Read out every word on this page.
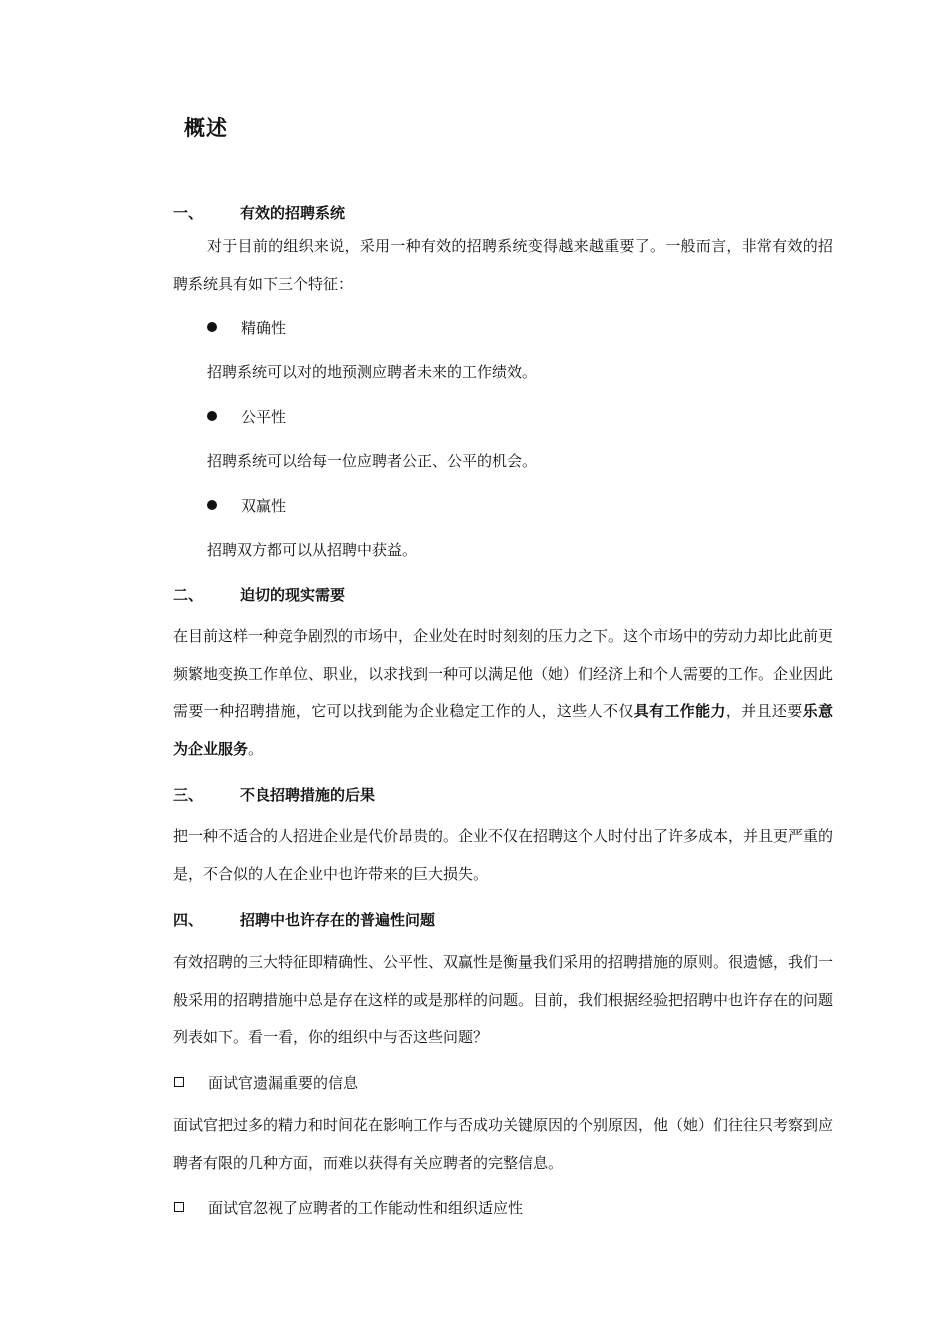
概述
一、	有效的招聘系统
对于目前的组织来说，采用一种有效的招聘系统变得越来越重要了。一般而言，非常有效的招聘系统具有如下三个特征：
精确性
招聘系统可以对的地预测应聘者未来的工作绩效。
公平性
招聘系统可以给每一位应聘者公正、公平的机会。
双赢性
招聘双方都可以从招聘中获益。
二、	迫切的现实需要
在目前这样一种竞争剧烈的市场中，企业处在时时刻刻的压力之下。这个市场中的劳动力却比此前更频繁地变换工作单位、职业，以求找到一种可以满足他（她）们经济上和个人需要的工作。企业因此需要一种招聘措施，它可以找到能为企业稳定工作的人，这些人不仅具有工作能力，并且还要乐意为企业服务。
三、	不良招聘措施的后果
把一种不适合的人招进企业是代价昂贵的。企业不仅在招聘这个人时付出了许多成本，并且更严重的是，不合似的人在企业中也许带来的巨大损失。
四、	招聘中也许存在的普遍性问题
有效招聘的三大特征即精确性、公平性、双赢性是衡量我们采用的招聘措施的原则。很遗憾，我们一般采用的招聘措施中总是存在这样的或是那样的问题。目前，我们根据经验把招聘中也许存在的问题列表如下。看一看，你的组织中与否这些问题？
面试官遗漏重要的信息
面试官把过多的精力和时间花在影响工作与否成功关键原因的个别原因，他（她）们往往只考察到应聘者有限的几种方面，而难以获得有关应聘者的完整信息。
面试官忽视了应聘者的工作能动性和组织适应性
